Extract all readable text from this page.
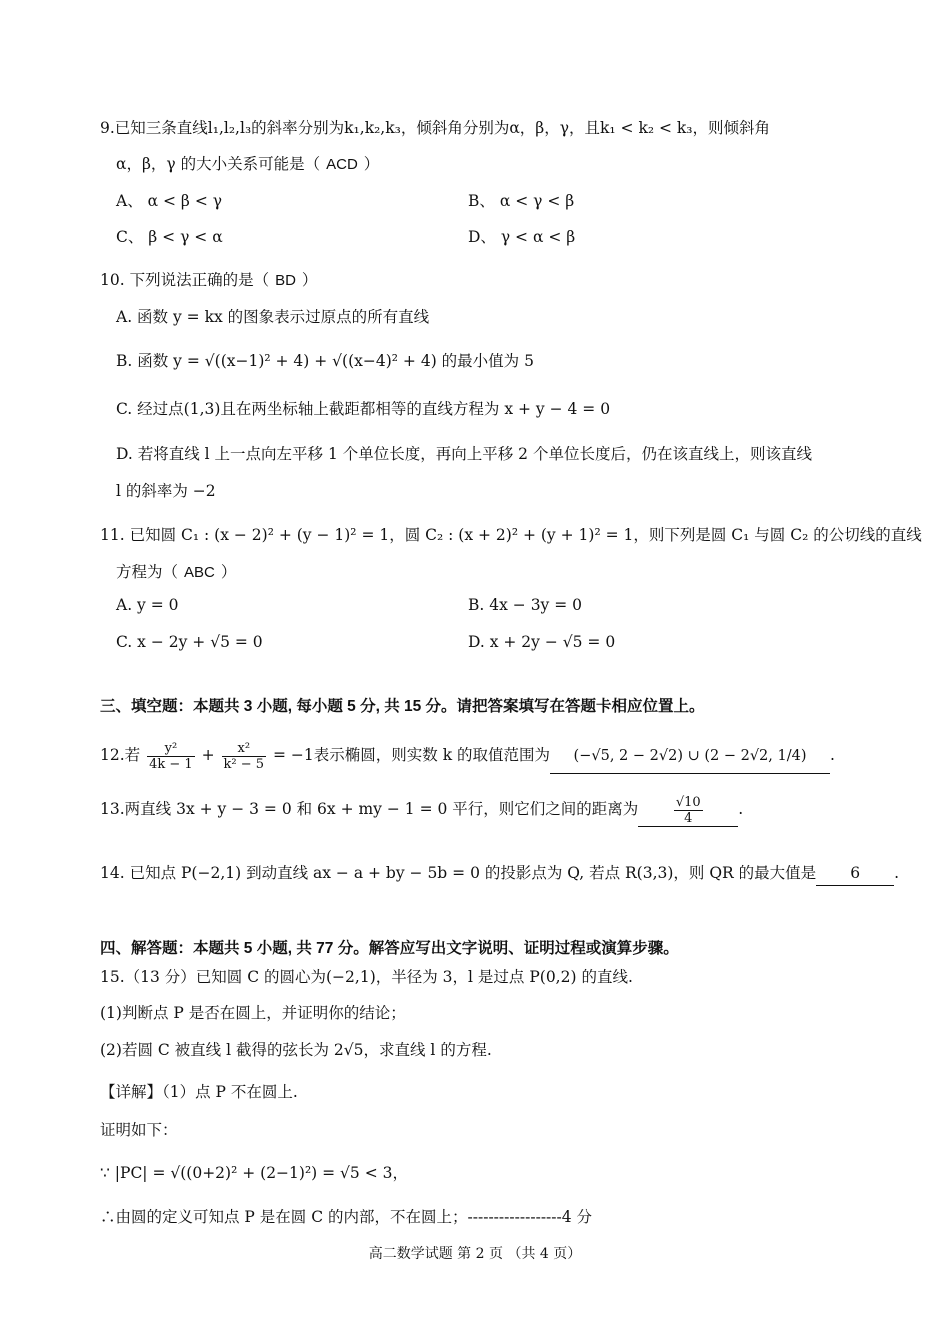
9.已知三条直线l₁,l₂,l₃的斜率分别为k₁,k₂,k₃，倾斜角分别为α，β，γ，且k₁ < k₂ < k₃，则倾斜角
α，β，γ 的大小关系可能是（ ACD ）
A、 α < β < γ	B、 α < γ < β
C、 β < γ < α	D、 γ < α < β
10. 下列说法正确的是（ BD ）
A. 函数 y = kx 的图象表示过原点的所有直线
B. 函数 y = √((x−1)² + 4) + √((x−4)² + 4) 的最小值为 5
C. 经过点(1,3)且在两坐标轴上截距都相等的直线方程为 x + y − 4 = 0
D. 若将直线 l 上一点向左平移 1 个单位长度，再向上平移 2 个单位长度后，仍在该直线上，则该直线
l 的斜率为 −2
11. 已知圆 C₁ : (x − 2)² + (y − 1)² = 1，圆 C₂ : (x + 2)² + (y + 1)² = 1，则下列是圆 C₁ 与圆 C₂ 的公切线的直线
方程为（ ABC ）
A. y = 0	B. 4x − 3y = 0
C. x − 2y + √5 = 0	D. x + 2y − √5 = 0
三、填空题：本题共 3 小题, 每小题 5 分, 共 15 分。请把答案填写在答题卡相应位置上。
12.若 $\frac{\text{y²}}{4k - 1} + \frac{\text{x²}}{\text{k² − 5}} = -1$表示椭圆，则实数 k 的取值范围为 (−√5, 2 − 2√2) ∪ (2 − 2√2, 1/4) .
13.两直线 3x + y − 3 = 0 和 6x + my − 1 = 0 平行，则它们之间的距离为	$\frac{√10}{4}$ .
14. 已知点 P(−2,1) 到动直线 ax − a + by − 5b = 0 的投影点为 Q, 若点 R(3,3)，则 QR 的最大值是 6 .
四、解答题：本题共 5 小题, 共 77 分。解答应写出文字说明、证明过程或演算步骤。
15.（13 分）已知圆 C 的圆心为(−2,1)，半径为 3，l 是过点 P(0,2) 的直线.
(1)判断点 P 是否在圆上，并证明你的结论；
(2)若圆 C 被直线 l 截得的弦长为 2√5，求直线 l 的方程.
【详解】（1）点 P 不在圆上.
证明如下：
∵ |PC| = √((0+2)² + (2−1)²) = √5 < 3，
∴由圆的定义可知点 P 是在圆 C 的内部，不在圆上；------------------4 分
高二数学试题 第 2 页 （共 4 页）
